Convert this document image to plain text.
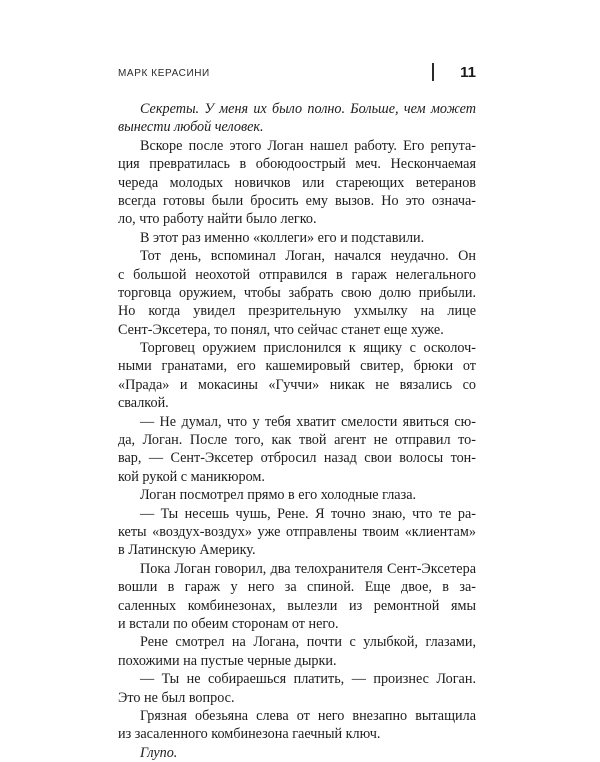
МАРК КЕРАСИНИ	11
Секреты. У меня их было полно. Больше, чем может
вынести любой человек.
Вскоре после этого Логан нашел работу. Его репута-
ция превратилась в обоюдоострый меч. Нескончаемая
череда молодых новичков или стареющих ветеранов
всегда готовы были бросить ему вызов. Но это означа-
ло, что работу найти было легко.
В этот раз именно «коллеги» его и подставили.
Тот день, вспоминал Логан, начался неудачно. Он
с большой неохотой отправился в гараж нелегального
торговца оружием, чтобы забрать свою долю прибыли.
Но когда увидел презрительную ухмылку на лице
Сент-Эксетера, то понял, что сейчас станет еще хуже.
Торговец оружием прислонился к ящику с осколоч-
ными гранатами, его кашемировый свитер, брюки от
«Прада» и мокасины «Гуччи» никак не вязались со
свалкой.
— Не думал, что у тебя хватит смелости явиться сю-
да, Логан. После того, как твой агент не отправил то-
вар, — Сент-Эксетер отбросил назад свои волосы тон-
кой рукой с маникюром.
Логан посмотрел прямо в его холодные глаза.
— Ты несешь чушь, Рене. Я точно знаю, что те ра-
кеты «воздух-воздух» уже отправлены твоим «клиентам»
в Латинскую Америку.
Пока Логан говорил, два телохранителя Сент-Эксетера
вошли в гараж у него за спиной. Еще двое, в за-
саленных комбинезонах, вылезли из ремонтной ямы
и встали по обеим сторонам от него.
Рене смотрел на Логана, почти с улыбкой, глазами,
похожими на пустые черные дырки.
— Ты не собираешься платить, — произнес Логан.
Это не был вопрос.
Грязная обезьяна слева от него внезапно вытащила
из засаленного комбинезона гаечный ключ.
Глупо.
